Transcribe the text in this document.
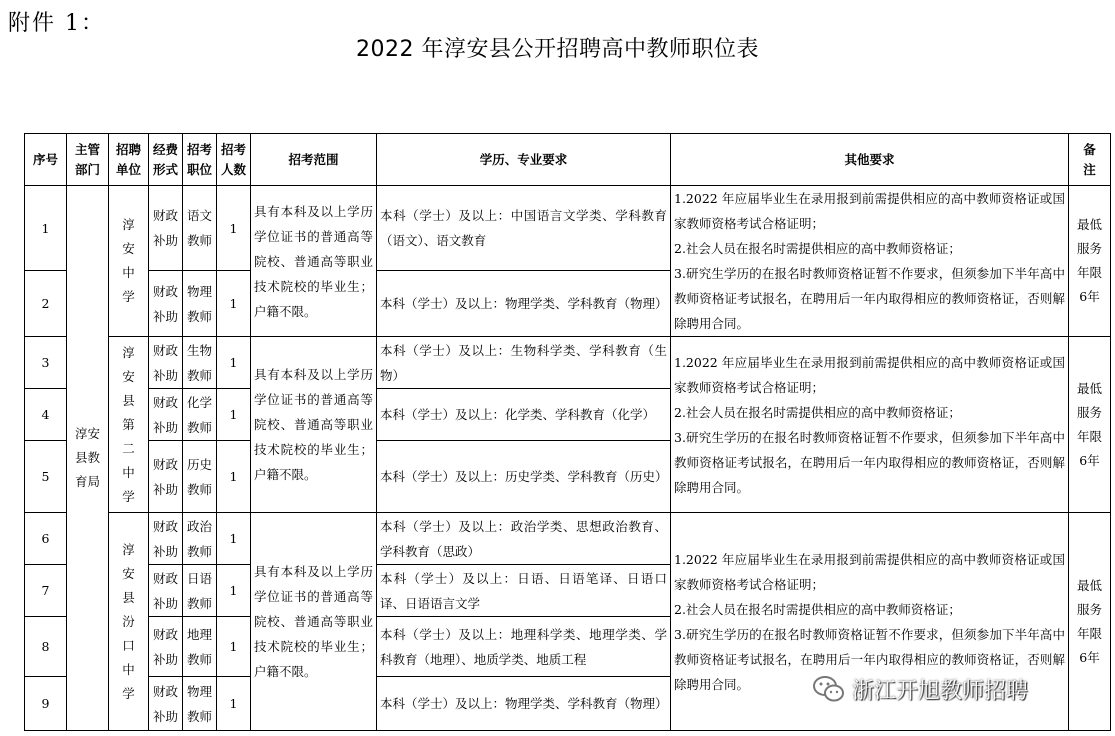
附件 1：
2022 年淳安县公开招聘高中教师职位表
序号	主管部门	招聘单位	经费形式	招考职位	招考人数	招考范围	学历、专业要求	其他要求	备　注
1	淳安县教育局	淳安中学	财政补助	语文教师	1	具有本科及以上学历学位证书的普通高等院校、普通高等职业技术院校的毕业生；户籍不限。	本科（学士）及以上：中国语言文学类、学科教育（语文）、语文教育	1.2022 年应届毕业生在录用报到前需提供相应的高中教师资格证或国家教师资格考试合格证明；
2.社会人员在报名时需提供相应的高中教师资格证；
3.研究生学历的在报名时教师资格证暂不作要求，但须参加下半年高中教师资格证考试报名，在聘用后一年内取得相应的教师资格证，否则解除聘用合同。	最低服务年限6年

2			财政补助	物理教师	1		本科（学士）及以上：物理学类、学科教育（物理）		
3		淳安县第二中学	财政补助	生物教师	1	具有本科及以上学历学位证书的普通高等院校、普通高等职业技术院校的毕业生；户籍不限。	本科（学士）及以上：生物科学类、学科教育（生物）	1.2022 年应届毕业生在录用报到前需提供相应的高中教师资格证或国家教师资格考试合格证明；
2.社会人员在报名时需提供相应的高中教师资格证；
3.研究生学历的在报名时教师资格证暂不作要求，但须参加下半年高中教师资格证考试报名，在聘用后一年内取得相应的教师资格证，否则解除聘用合同。	最低服务年限6年

4			财政补助	化学教师	1		本科（学士）及以上：化学类、学科教育（化学）		
5			财政补助	历史教师	1		本科（学士）及以上：历史学类、学科教育（历史）		
6		淳安县汾口中学	财政补助	政治教师	1	具有本科及以上学历学位证书的普通高等院校、普通高等职业技术院校的毕业生；户籍不限。	本科（学士）及以上：政治学类、思想政治教育、学科教育（思政）	1.2022 年应届毕业生在录用报到前需提供相应的高中教师资格证或国家教师资格考试合格证明；
2.社会人员在报名时需提供相应的高中教师资格证；
3.研究生学历的在报名时教师资格证暂不作要求，但须参加下半年高中教师资格证考试报名，在聘用后一年内取得相应的教师资格证，否则解除聘用合同。	最低服务年限6年

7			财政补助	日语教师	1		本科（学士）及以上：日语、日语笔译、日语口译、日语语言文学		
8			财政补助	地理教师	1		本科（学士）及以上：地理科学类、地理学类、学科教育（地理）、地质学类、地质工程		
9			财政补助	物理教师	1		本科（学士）及以上：物理学类、学科教育（物理）			浙江开旭教师招聘
